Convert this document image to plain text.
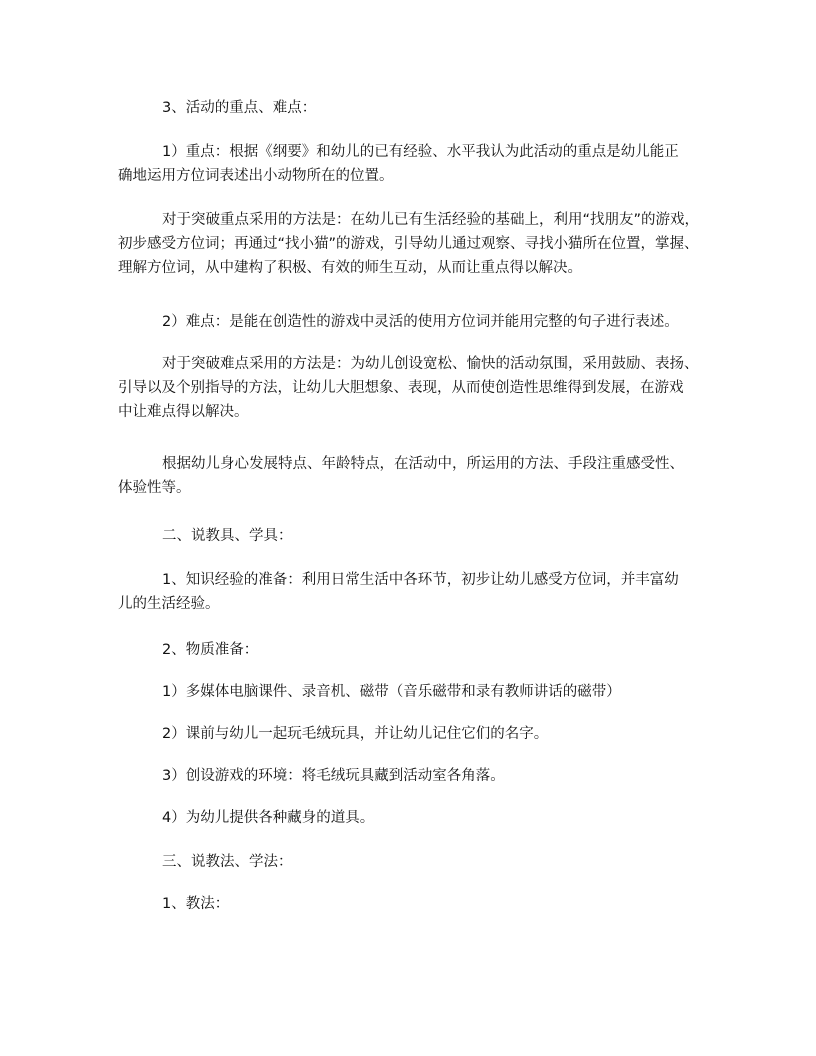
3、活动的重点、难点：

1）重点：根据《纲要》和幼儿的已有经验、水平我认为此活动的重点是幼儿能正
确地运用方位词表述出小动物所在的位置。

对于突破重点采用的方法是：在幼儿已有生活经验的基础上，利用“找朋友”的游戏，
初步感受方位词；再通过“找小猫”的游戏，引导幼儿通过观察、寻找小猫所在位置，掌握、
理解方位词，从中建构了积极、有效的师生互动，从而让重点得以解决。

2）难点：是能在创造性的游戏中灵活的使用方位词并能用完整的句子进行表述。

对于突破难点采用的方法是：为幼儿创设宽松、愉快的活动氛围，采用鼓励、表扬、
引导以及个别指导的方法，让幼儿大胆想象、表现，从而使创造性思维得到发展，在游戏
中让难点得以解决。

根据幼儿身心发展特点、年龄特点，在活动中，所运用的方法、手段注重感受性、
体验性等。

二、说教具、学具：

1、知识经验的准备：利用日常生活中各环节，初步让幼儿感受方位词，并丰富幼
儿的生活经验。

2、物质准备：

1）多媒体电脑课件、录音机、磁带（音乐磁带和录有教师讲话的磁带）

2）课前与幼儿一起玩毛绒玩具，并让幼儿记住它们的名字。

3）创设游戏的环境：将毛绒玩具藏到活动室各角落。

4）为幼儿提供各种藏身的道具。

三、说教法、学法：

1、教法：
